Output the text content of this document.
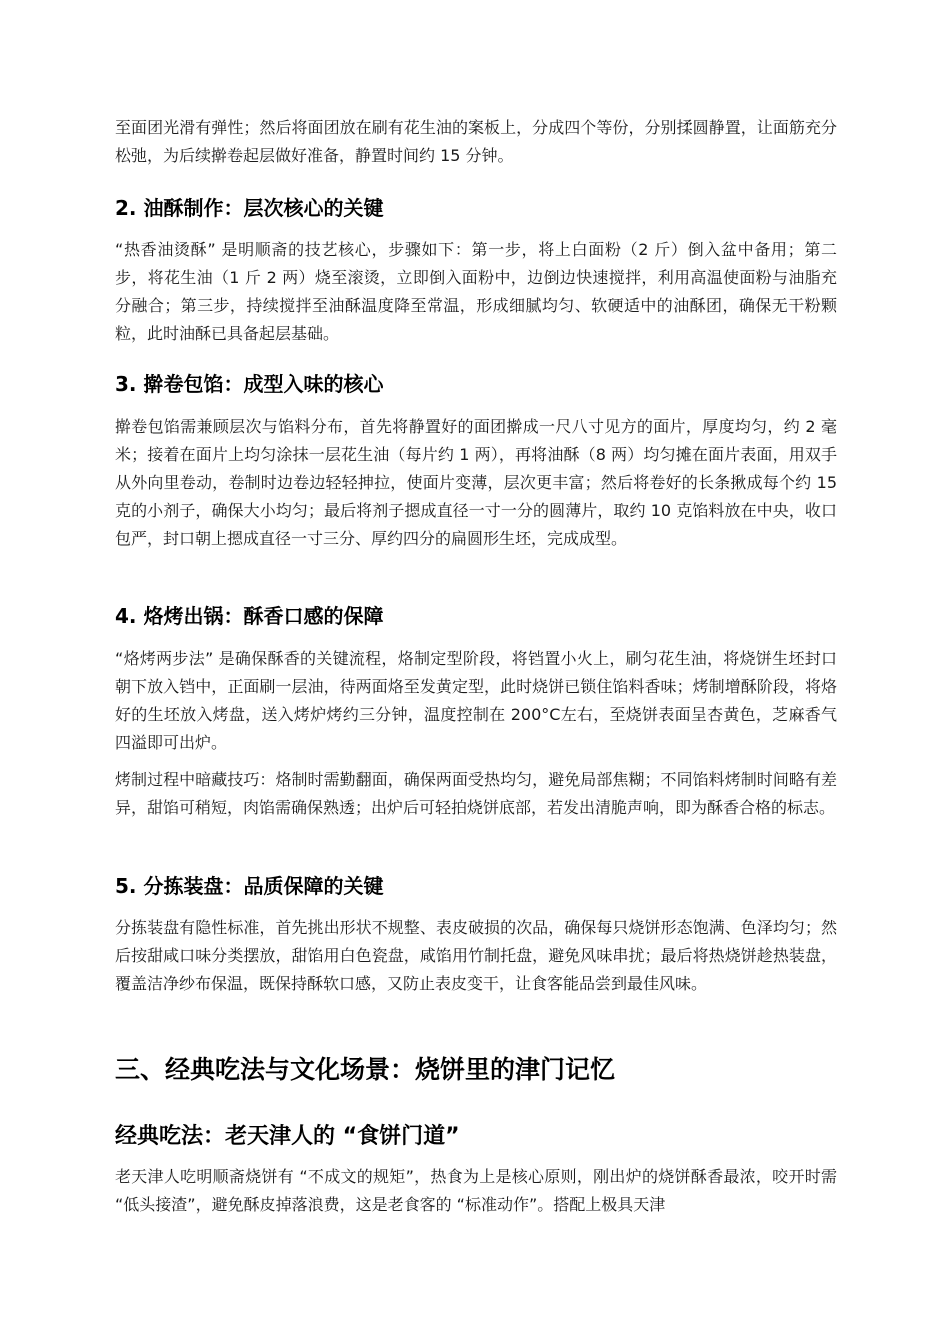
至面团光滑有弹性；然后将面团放在刷有花生油的案板上，分成四个等份，分别揉圆静置，让面筋充分松弛，为后续擀卷起层做好准备，静置时间约 15 分钟。

2. 油酥制作：层次核心的关键

“热香油烫酥” 是明顺斋的技艺核心，步骤如下：第一步，将上白面粉（2 斤）倒入盆中备用；第二步，将花生油（1 斤 2 两）烧至滚烫，立即倒入面粉中，边倒边快速搅拌，利用高温使面粉与油脂充分融合；第三步，持续搅拌至油酥温度降至常温，形成细腻均匀、软硬适中的油酥团，确保无干粉颗粒，此时油酥已具备起层基础。

3. 擀卷包馅：成型入味的核心

擀卷包馅需兼顾层次与馅料分布，首先将静置好的面团擀成一尺八寸见方的面片，厚度均匀，约 2 毫米；接着在面片上均匀涂抹一层花生油（每片约 1 两），再将油酥（8 两）均匀摊在面片表面，用双手从外向里卷动，卷制时边卷边轻轻抻拉，使面片变薄，层次更丰富；然后将卷好的长条揪成每个约 15 克的小剂子，确保大小均匀；最后将剂子摁成直径一寸一分的圆薄片，取约 10 克馅料放在中央，收口包严，封口朝上摁成直径一寸三分、厚约四分的扁圆形生坯，完成成型。

4. 烙烤出锅：酥香口感的保障

“烙烤两步法” 是确保酥香的关键流程，烙制定型阶段，将铛置小火上，刷匀花生油，将烧饼生坯封口朝下放入铛中，正面刷一层油，待两面烙至发黄定型，此时烧饼已锁住馅料香味；烤制增酥阶段，将烙好的生坯放入烤盘，送入烤炉烤约三分钟，温度控制在 200°C左右，至烧饼表面呈杏黄色，芝麻香气四溢即可出炉。

烤制过程中暗藏技巧：烙制时需勤翻面，确保两面受热均匀，避免局部焦糊；不同馅料烤制时间略有差异，甜馅可稍短，肉馅需确保熟透；出炉后可轻拍烧饼底部，若发出清脆声响，即为酥香合格的标志。

5. 分拣装盘：品质保障的关键

分拣装盘有隐性标准，首先挑出形状不规整、表皮破损的次品，确保每只烧饼形态饱满、色泽均匀；然后按甜咸口味分类摆放，甜馅用白色瓷盘，咸馅用竹制托盘，避免风味串扰；最后将热烧饼趁热装盘，覆盖洁净纱布保温，既保持酥软口感，又防止表皮变干，让食客能品尝到最佳风味。

三、经典吃法与文化场景：烧饼里的津门记忆
经典吃法：老天津人的 “食饼门道”

老天津人吃明顺斋烧饼有 “不成文的规矩”，热食为上是核心原则，刚出炉的烧饼酥香最浓，咬开时需 “低头接渣”，避免酥皮掉落浪费，这是老食客的 “标准动作”。搭配上极具天津
